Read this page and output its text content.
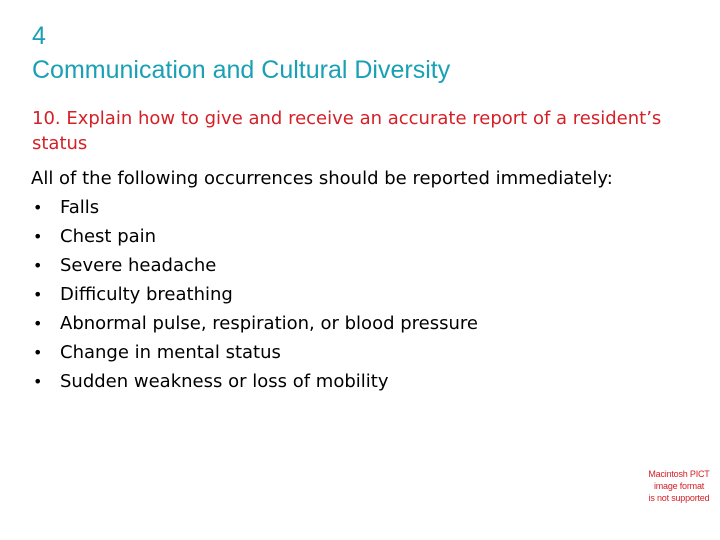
4
Communication and Cultural Diversity
10. Explain how to give and receive an accurate report of a resident’s status
All of the following occurrences should be reported immediately:
• Falls
• Chest pain
• Severe headache
• Difficulty breathing
• Abnormal pulse, respiration, or blood pressure
• Change in mental status
• Sudden weakness or loss of mobility
Macintosh PICT
image format
is not supported
